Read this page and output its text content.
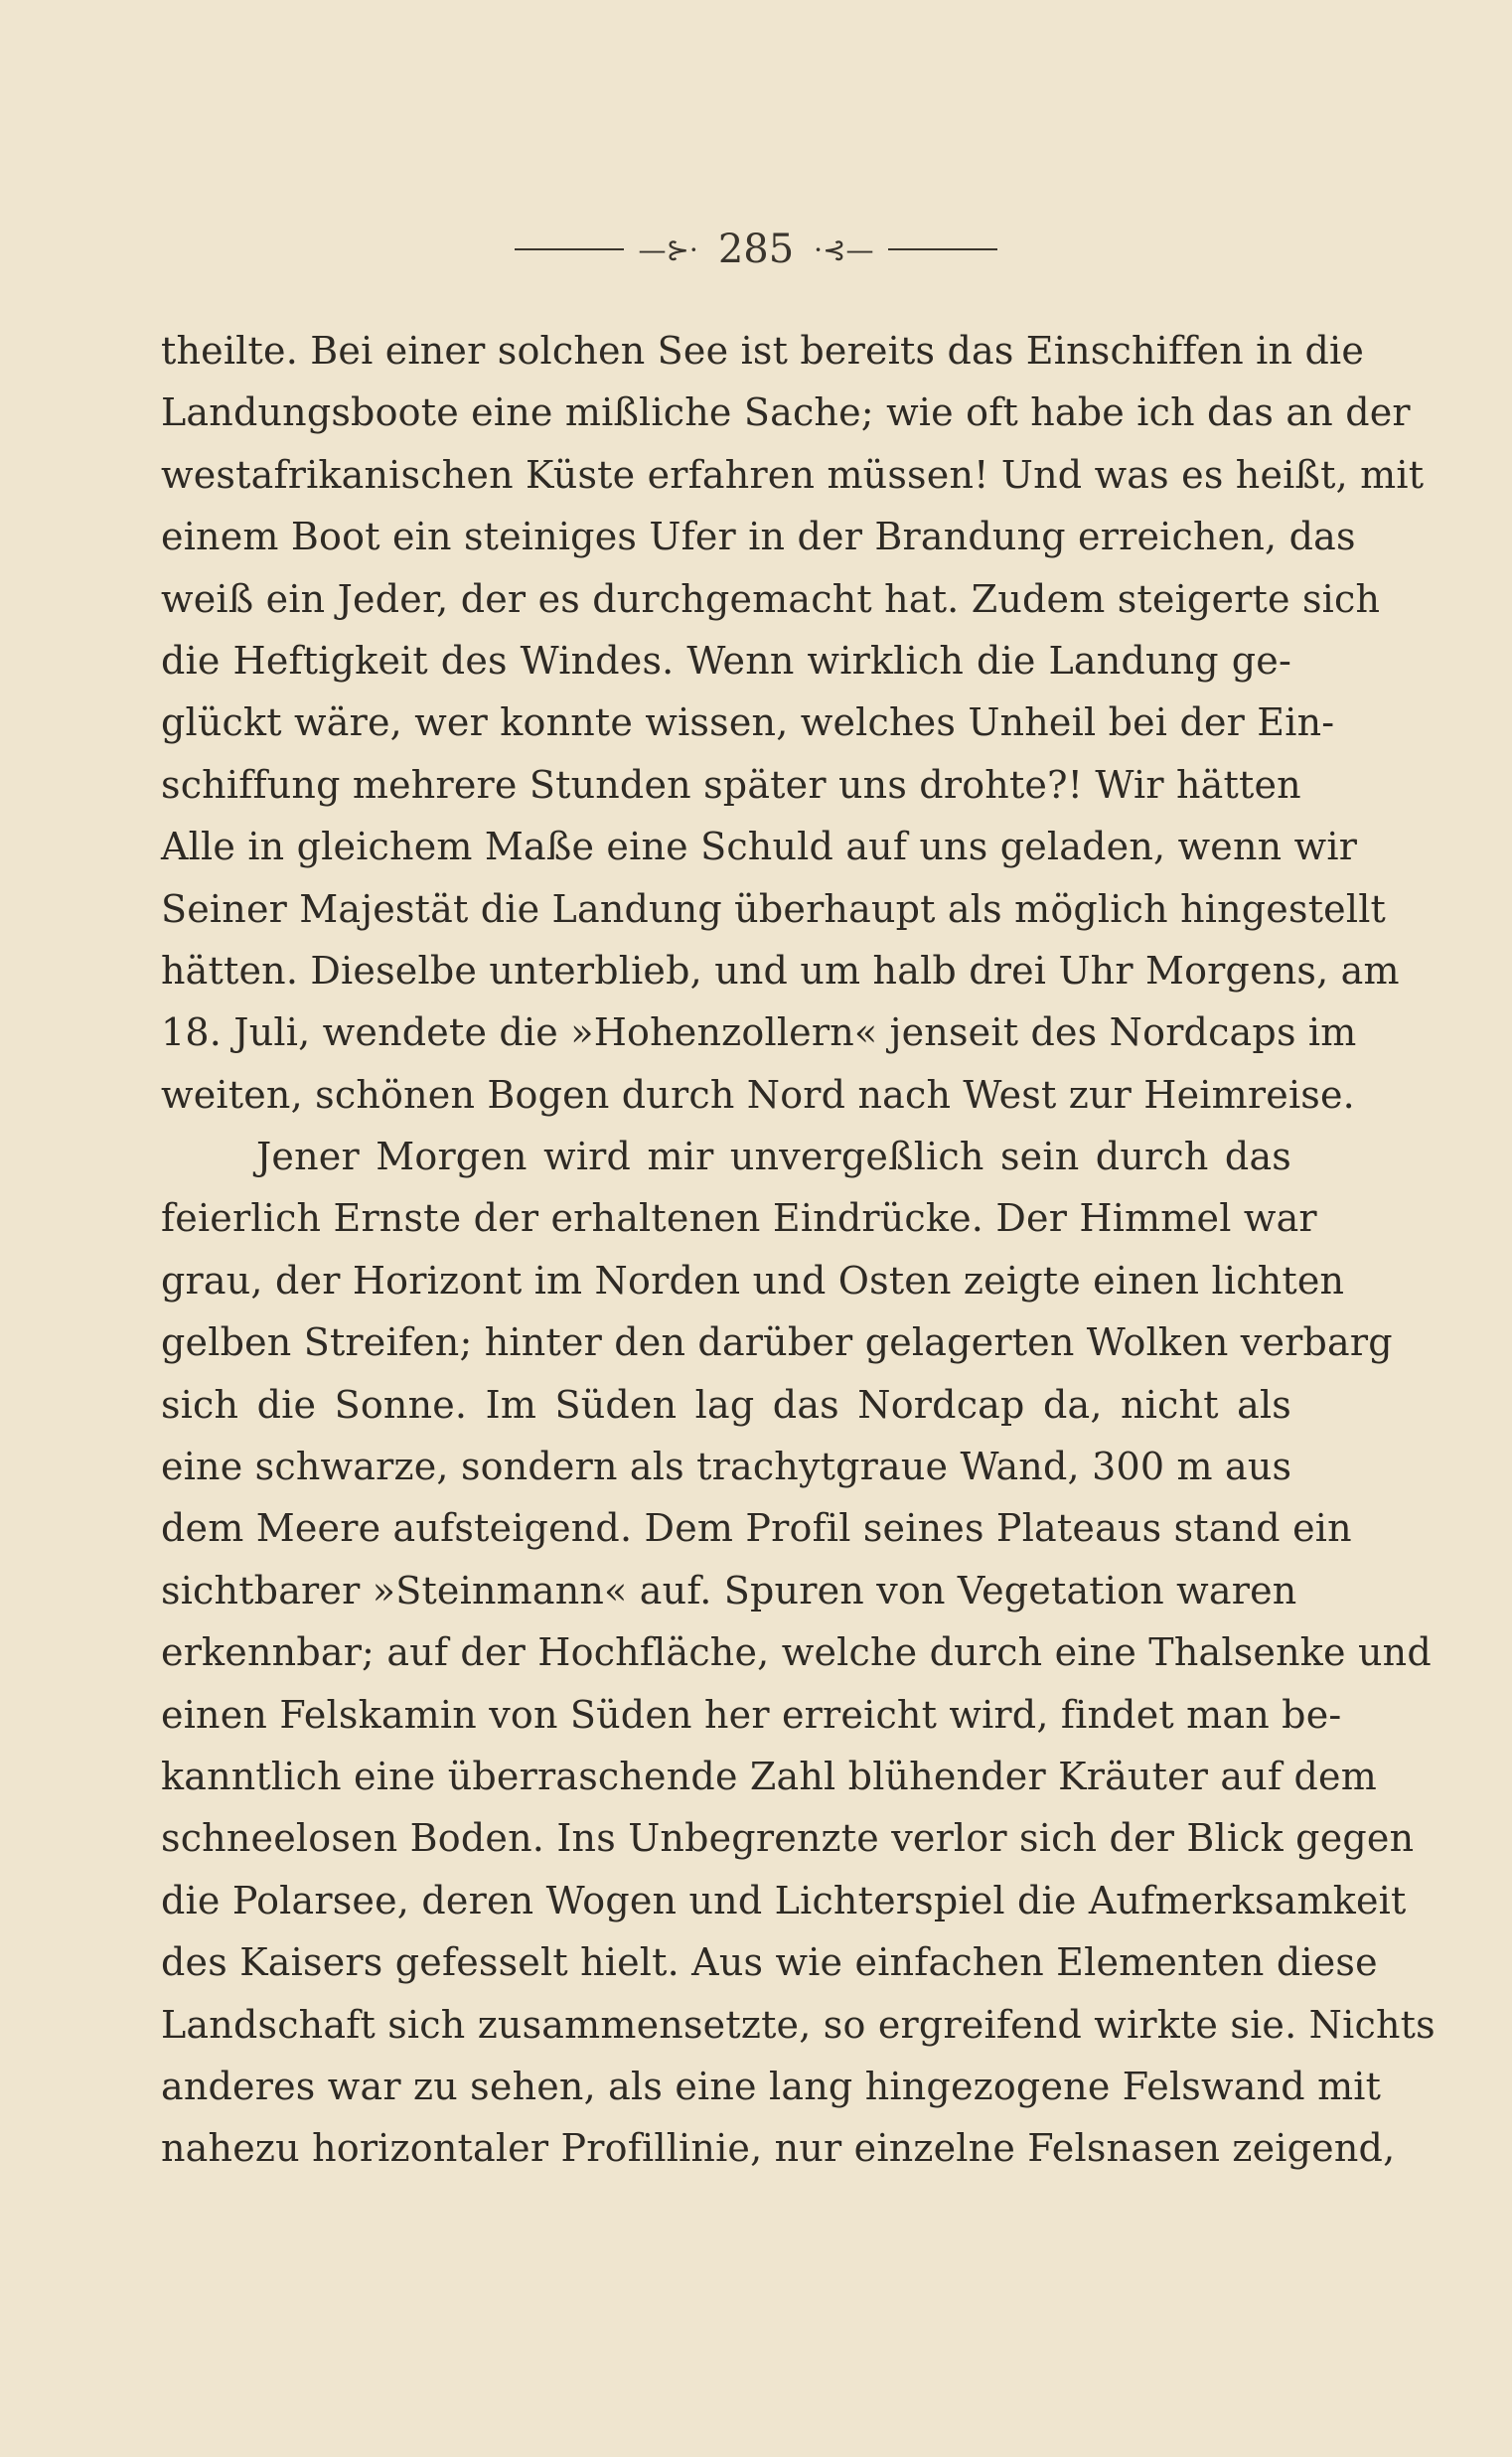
—⊱· 285 ·⊰—
theilte. Bei einer solchen See ist bereits das Einschiffen in die
Landungsboote eine mißliche Sache; wie oft habe ich das an der
westafrikanischen Küste erfahren müssen! Und was es heißt, mit
einem Boot ein steiniges Ufer in der Brandung erreichen, das
weiß ein Jeder, der es durchgemacht hat. Zudem steigerte sich
die Heftigkeit des Windes. Wenn wirklich die Landung ge-
glückt wäre, wer konnte wissen, welches Unheil bei der Ein-
schiffung mehrere Stunden später uns drohte?! Wir hätten
Alle in gleichem Maße eine Schuld auf uns geladen, wenn wir
Seiner Majestät die Landung überhaupt als möglich hingestellt
hätten. Dieselbe unterblieb, und um halb drei Uhr Morgens, am
18. Juli, wendete die »Hohenzollern« jenseit des Nordcaps im
weiten, schönen Bogen durch Nord nach West zur Heimreise.
Jener Morgen wird mir unvergeßlich sein durch das
feierlich Ernste der erhaltenen Eindrücke. Der Himmel war
grau, der Horizont im Norden und Osten zeigte einen lichten
gelben Streifen; hinter den darüber gelagerten Wolken verbarg
sich die Sonne. Im Süden lag das Nordcap da, nicht als
eine schwarze, sondern als trachytgraue Wand, 300 m aus
dem Meere aufsteigend. Dem Profil seines Plateaus stand ein
sichtbarer »Steinmann« auf. Spuren von Vegetation waren
erkennbar; auf der Hochfläche, welche durch eine Thalsenke und
einen Felskamin von Süden her erreicht wird, findet man be-
kanntlich eine überraschende Zahl blühender Kräuter auf dem
schneelosen Boden. Ins Unbegrenzte verlor sich der Blick gegen
die Polarsee, deren Wogen und Lichterspiel die Aufmerksamkeit
des Kaisers gefesselt hielt. Aus wie einfachen Elementen diese
Landschaft sich zusammensetzte, so ergreifend wirkte sie. Nichts
anderes war zu sehen, als eine lang hingezogene Felswand mit
nahezu horizontaler Profillinie, nur einzelne Felsnasen zeigend,
